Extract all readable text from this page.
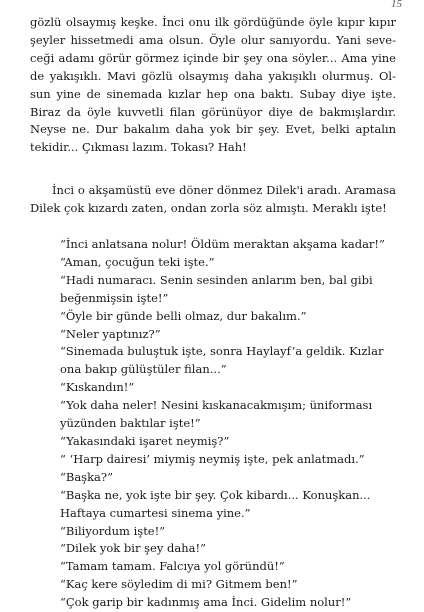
15
gözlü olsaymış keşke. İnci onu ilk gördüğünde öyle kıpır kıpır
şeyler hissetmedi ama olsun. Öyle olur sanıyordu. Yani seve-
ceği adamı görür görmez içinde bir şey ona söyler... Ama yine
de yakışıklı. Mavi gözlü olsaymış daha yakışıklı olurmuş. Ol-
sun yine de sinemada kızlar hep ona baktı. Subay diye işte.
Biraz da öyle kuvvetli filan görünüyor diye de bakmışlardır.
Neyse ne. Dur bakalım daha yok bir şey. Evet, belki aptalın
tekidir... Çıkması lazım. Tokası? Hah!
İnci o akşamüstü eve döner dönmez Dilek'i aradı. Aramasa
Dilek çok kızardı zaten, ondan zorla söz almıştı. Meraklı işte!
“İnci anlatsana nolur! Öldüm meraktan akşama kadar!”
“Aman, çocuğun teki işte.”
“Hadi numaracı. Senin sesinden anlarım ben, bal gibi
beğenmişsin işte!”
“Öyle bir günde belli olmaz, dur bakalım.”
“Neler yaptınız?”
“Sinemada buluştuk işte, sonra Haylayf’a geldik. Kızlar
ona bakıp gülüştüler filan...”
“Kıskandın!”
“Yok daha neler! Nesini kıskanacakmışım; üniforması
yüzünden baktılar işte!”
“Yakasındaki işaret neymiş?”
“ ‘Harp dairesi’ miymiş neymiş işte, pek anlatmadı.”
“Başka?”
“Başka ne, yok işte bir şey. Çok kibardı... Konuşkan...
Haftaya cumartesi sinema yine.”
“Biliyordum işte!”
“Dilek yok bir şey daha!”
“Tamam tamam. Falcıya yol göründü!”
“Kaç kere söyledim di mi? Gitmem ben!”
“Çok garip bir kadınmış ama İnci. Gidelim nolur!”
